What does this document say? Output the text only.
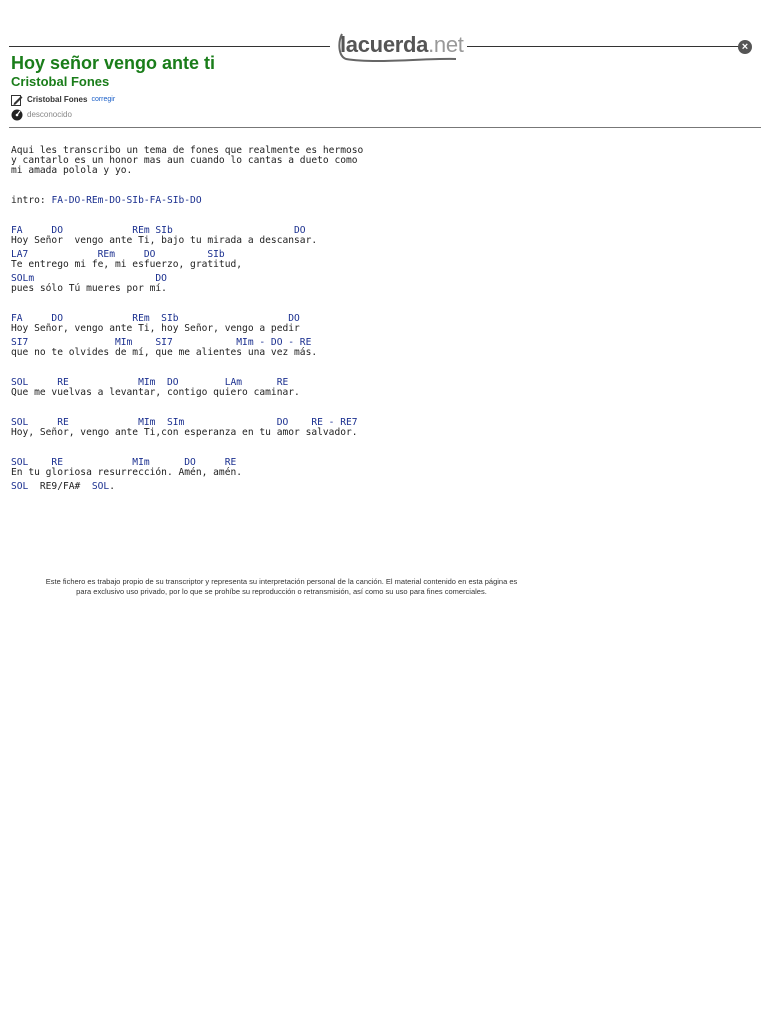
lacuerda.net	×
Hoy señor vengo ante ti
Cristobal Fones
Cristobal Fones corregir
desconocido
Aqui les transcribo un tema de fones que realmente es hermoso
y cantarlo es un honor mas aun cuando lo cantas a dueto como
mi amada polola y yo.
intro: FA-DO-REm-DO-SIb-FA-SIb-DO
FA     DO            REm SIb                     DO
Hoy Señor  vengo ante Ti, bajo tu mirada a descansar.
LA7            REm     DO         SIb
Te entrego mi fe, mi esfuerzo, gratitud,
SOLm                     DO
pues sólo Tú mueres por mí.
FA     DO            REm  SIb                   DO
Hoy Señor, vengo ante Ti, hoy Señor, vengo a pedir
SI7               MIm    SI7           MIm - DO - RE
que no te olvides de mí, que me alientes una vez más.
SOL     RE            MIm  DO        LAm      RE
Que me vuelvas a levantar, contigo quiero caminar.
SOL     RE            MIm  SIm                DO    RE - RE7
Hoy, Señor, vengo ante Ti,con esperanza en tu amor salvador.
SOL    RE            MIm      DO     RE
En tu gloriosa resurrección. Amén, amén.
SOL  RE9/FA#  SOL.
Este fichero es trabajo propio de su transcriptor y representa su interpretación personal de la canción. El material contenido en esta página es
para exclusivo uso privado, por lo que se prohíbe su reproducción o retransmisión, así como su uso para fines comerciales.
